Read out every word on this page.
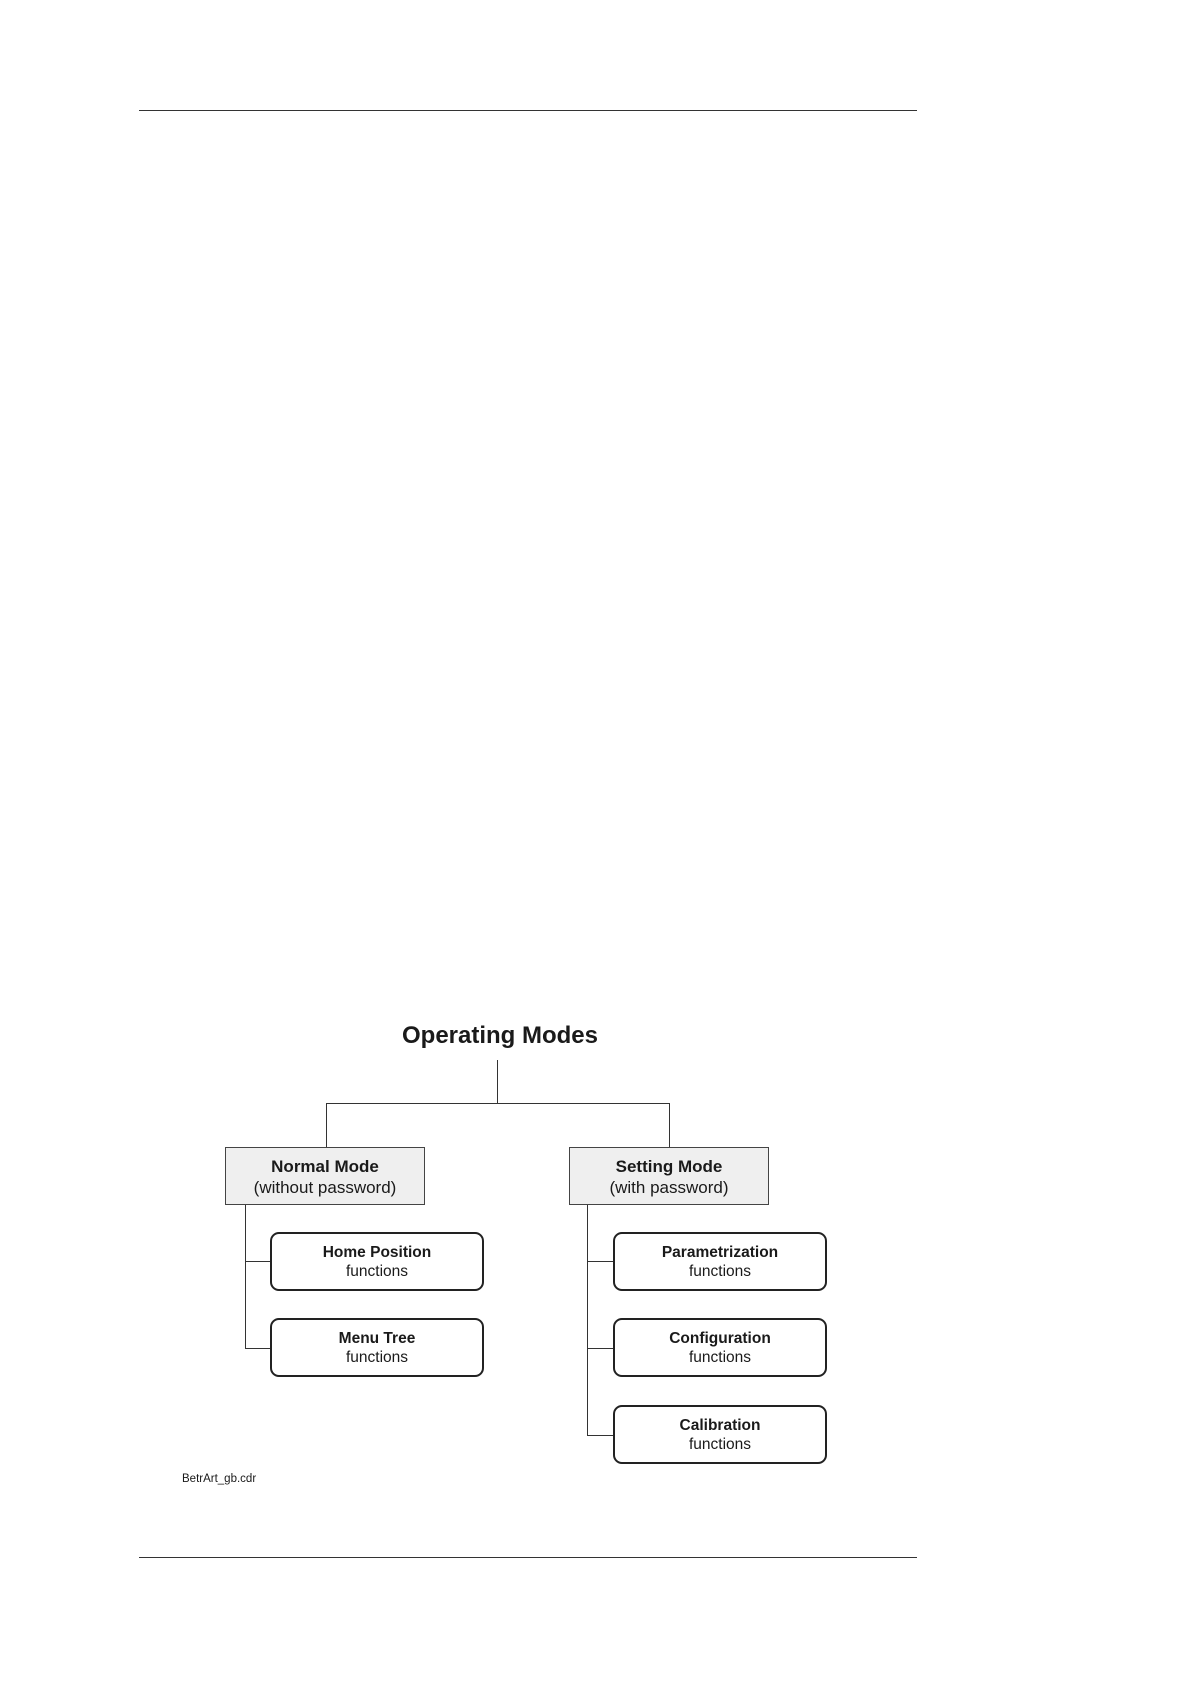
Operating Modes
Normal Mode
(without password)
Home Position
functions
Menu Tree
functions
Setting Mode
(with password)
Parametrization
functions
Configuration
functions
Calibration
functions
BetrArt_gb.cdr
